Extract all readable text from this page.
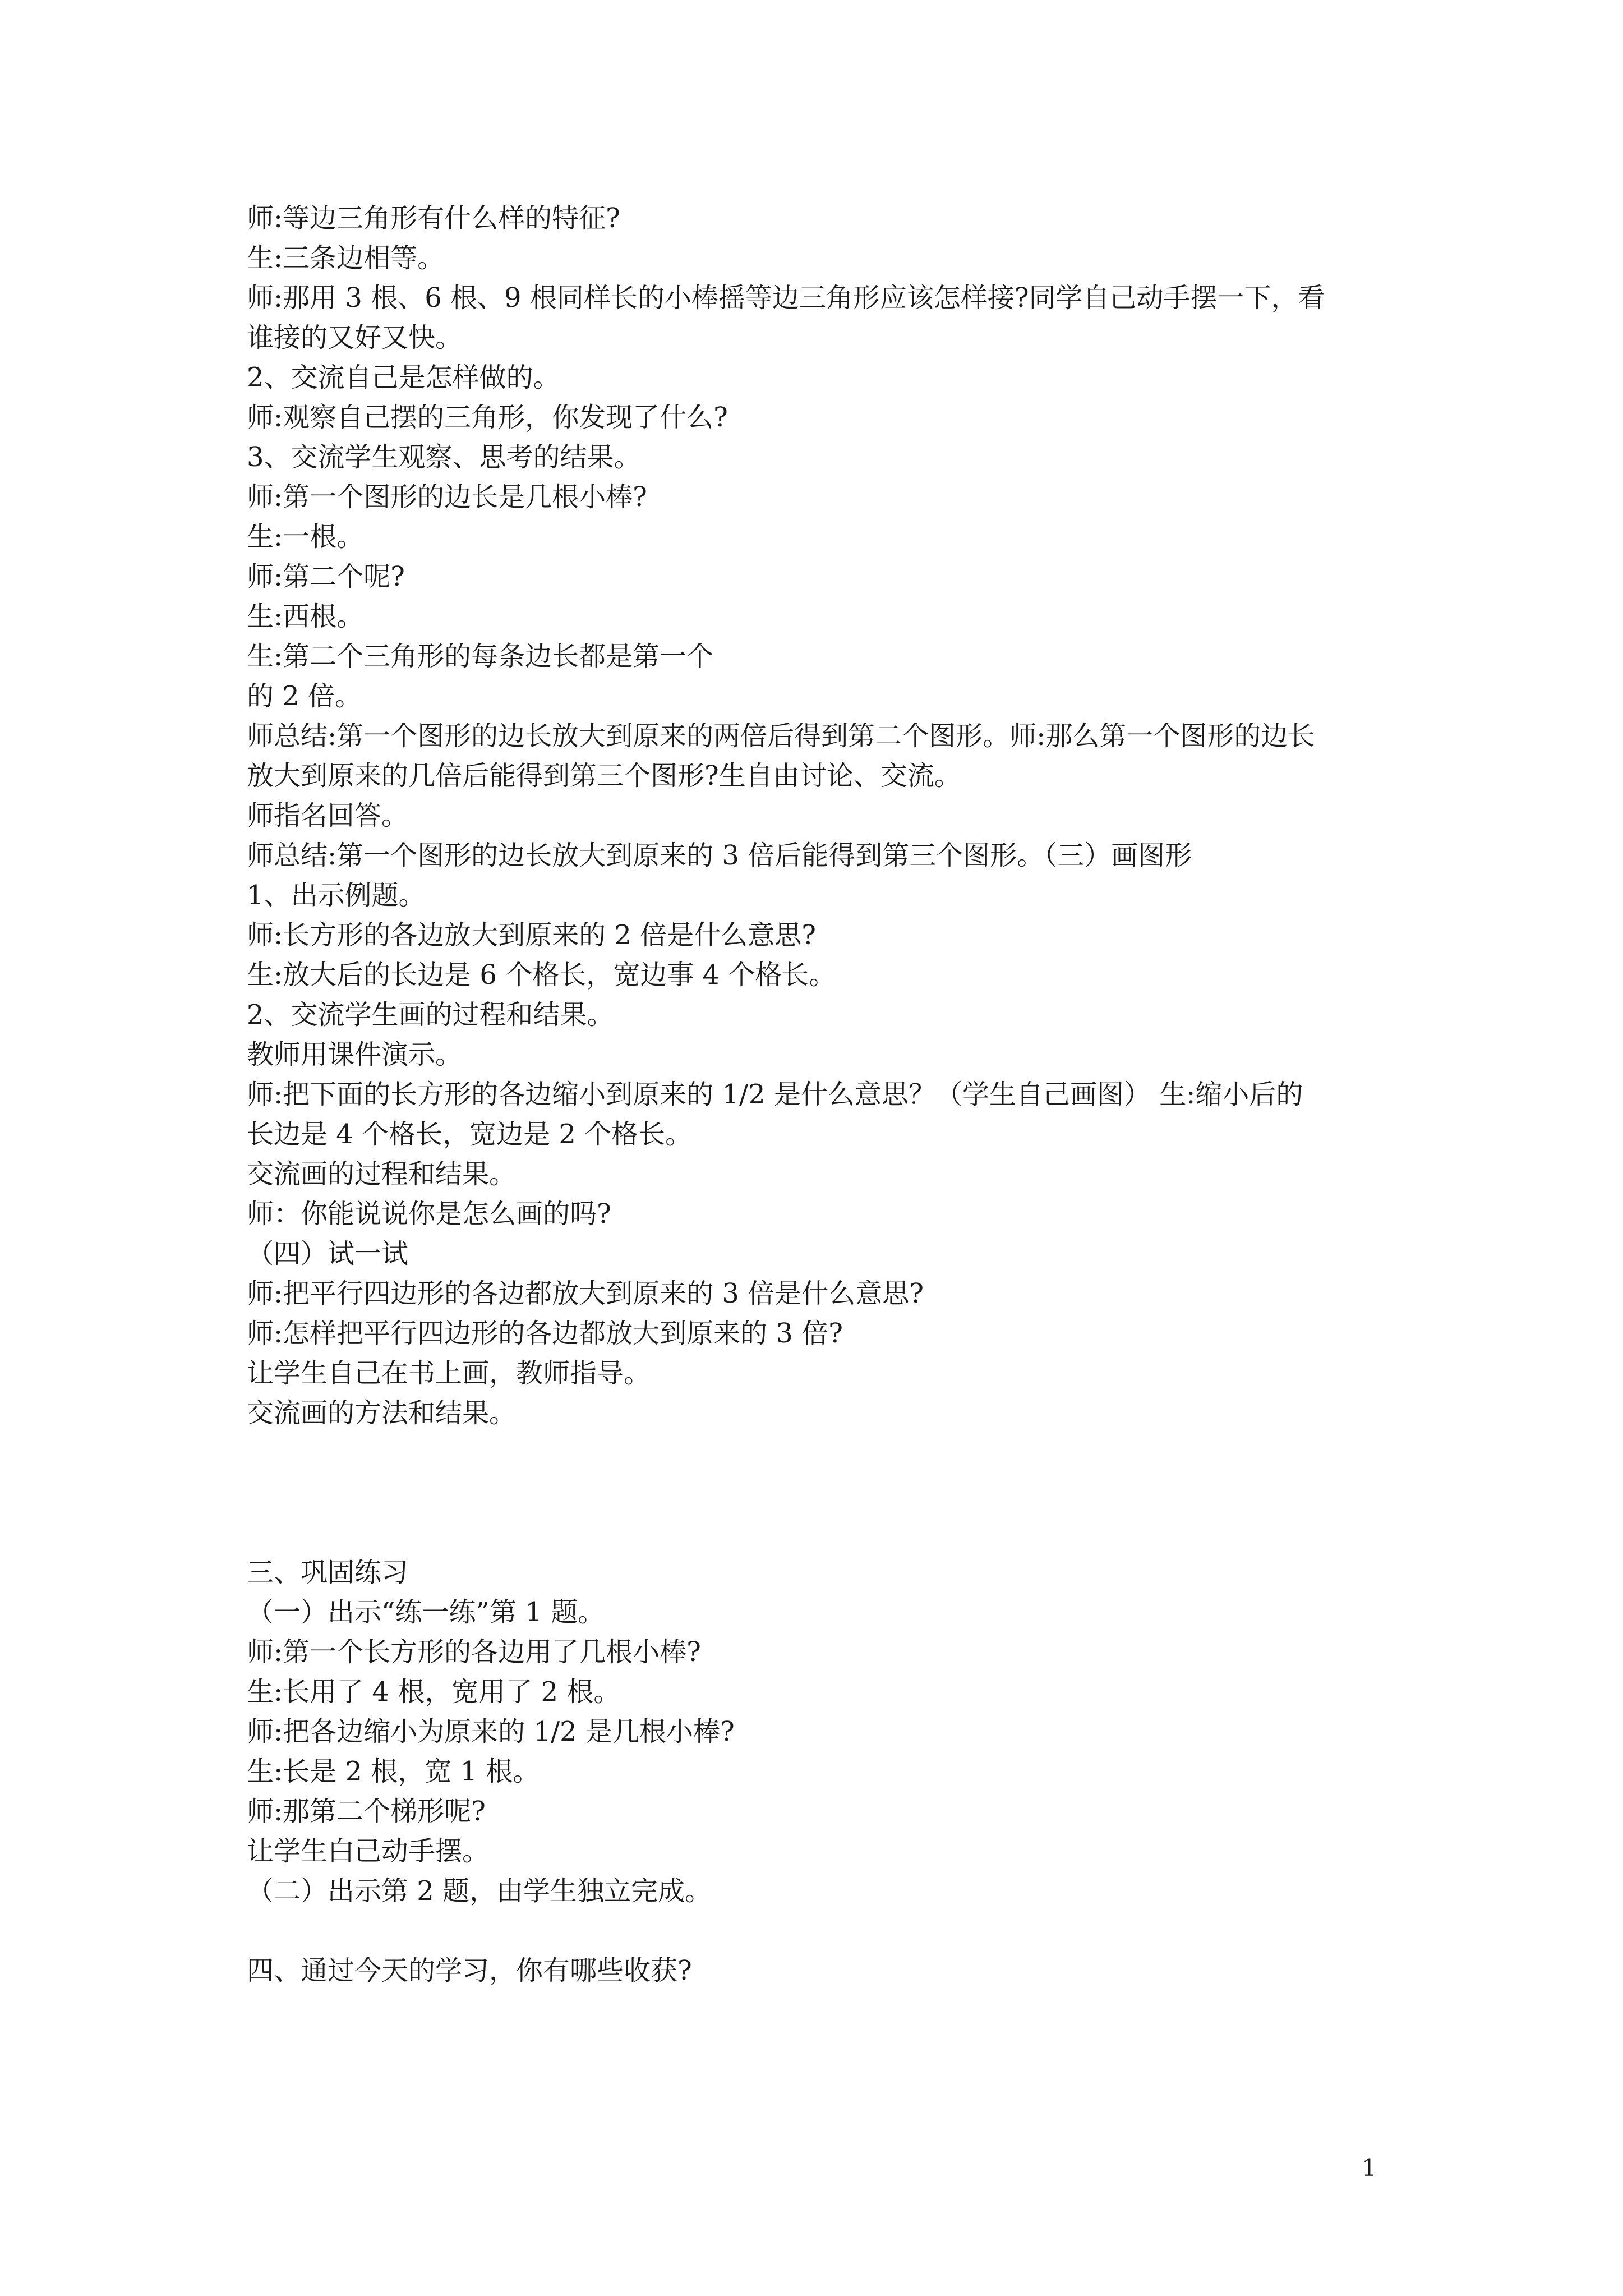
师:等边三角形有什么样的特征?
生:三条边相等。
师:那用 3 根、6 根、9 根同样长的小棒摇等边三角形应该怎样接?同学自己动手摆一下，看
谁接的又好又快。
2、交流自己是怎样做的。
师:观察自己摆的三角形，你发现了什么?
3、交流学生观察、思考的结果。
师:第一个图形的边长是几根小棒?
生:一根。
师:第二个呢?
生:西根。
生:第二个三角形的每条边长都是第一个
的 2 倍。
师总结:第一个图形的边长放大到原来的两倍后得到第二个图形。师:那么第一个图形的边长
放大到原来的几倍后能得到第三个图形?生自由讨论、交流。
师指名回答。
师总结:第一个图形的边长放大到原来的 3 倍后能得到第三个图形。（三）画图形
1、出示例题。
师:长方形的各边放大到原来的 2 倍是什么意思?
生:放大后的长边是 6 个格长，宽边事 4 个格长。
2、交流学生画的过程和结果。
教师用课件演示。
师:把下面的长方形的各边缩小到原来的 1/2 是什么意思？（学生自己画图） 生:缩小后的
长边是 4 个格长，宽边是 2 个格长。
交流画的过程和结果。
师：你能说说你是怎么画的吗?
（四）试一试
师:把平行四边形的各边都放大到原来的 3 倍是什么意思?
师:怎样把平行四边形的各边都放大到原来的 3 倍?
让学生自己在书上画，教师指导。
交流画的方法和结果。
三、巩固练习
（一）出示“练一练”第 1 题。
师:第一个长方形的各边用了几根小棒?
生:长用了 4 根，宽用了 2 根。
师:把各边缩小为原来的 1/2 是几根小棒?
生:长是 2 根，宽 1 根。
师:那第二个梯形呢?
让学生白己动手摆。
（二）出示第 2 题，由学生独立完成。
四、通过今天的学习，你有哪些收获?
1
